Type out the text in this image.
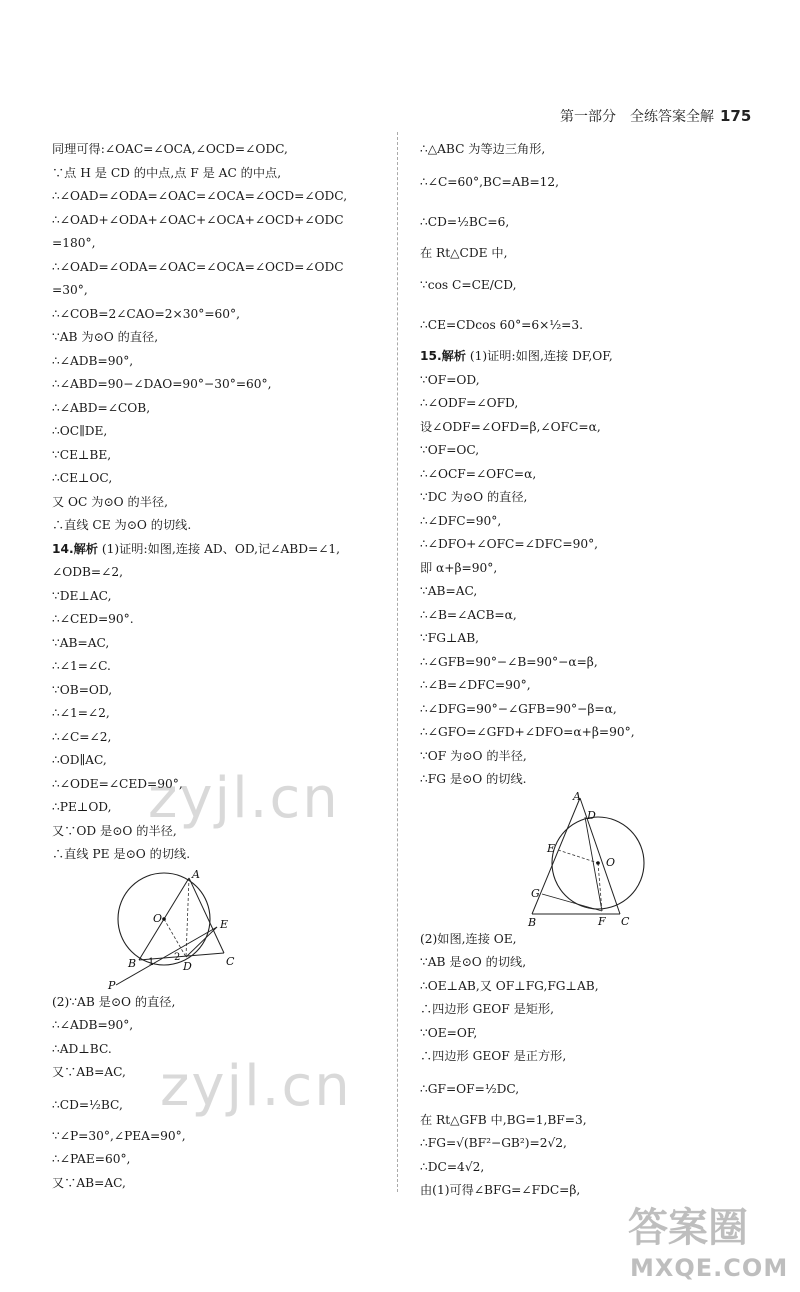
第一部分　全练答案全解 175
同理可得:∠OAC=∠OCA,∠OCD=∠ODC,
∵点 H 是 CD 的中点,点 F 是 AC 的中点,
∴∠OAD=∠ODA=∠OAC=∠OCA=∠OCD=∠ODC,
∴∠OAD+∠ODA+∠OAC+∠OCA+∠OCD+∠ODC
=180°,
∴∠OAD=∠ODA=∠OAC=∠OCA=∠OCD=∠ODC
=30°,
∴∠COB=2∠CAO=2×30°=60°,
∵AB 为⊙O 的直径,
∴∠ADB=90°,
∴∠ABD=90−∠DAO=90°−30°=60°,
∴∠ABD=∠COB,
∴OC∥DE,
∵CE⊥BE,
∴CE⊥OC,
又 OC 为⊙O 的半径,
∴直线 CE 为⊙O 的切线.
14.解析 (1)证明:如图,连接 AD、OD,记∠ABD=∠1,
∠ODB=∠2,
∵DE⊥AC,
∴∠CED=90°.
∵AB=AC,
∴∠1=∠C.
∵OB=OD,
∴∠1=∠2,
∴∠C=∠2,
∴OD∥AC,
∴∠ODE=∠CED=90°,
∴PE⊥OD,
又∵OD 是⊙O 的半径,
∴直线 PE 是⊙O 的切线.
A
O	E
B 1 2
D	C
P
(2)∵AB 是⊙O 的直径,
∴∠ADB=90°,
∴AD⊥BC.
又∵AB=AC,
∴CD=½BC,
∵∠P=30°,∠PEA=90°,
∴∠PAE=60°,
又∵AB=AC,
∴△ABC 为等边三角形,
∴∠C=60°,BC=AB=12,
∴CD=½BC=6,
在 Rt△CDE 中,
∵cos C=CE/CD,
∴CE=CDcos 60°=6×½=3.
15.解析 (1)证明:如图,连接 DF,OF,
∵OF=OD,
∴∠ODF=∠OFD,
设∠ODF=∠OFD=β,∠OFC=α,
∵OF=OC,
∴∠OCF=∠OFC=α,
∵DC 为⊙O 的直径,
∴∠DFC=90°,
∴∠DFO+∠OFC=∠DFC=90°,
即 α+β=90°,
∵AB=AC,
∴∠B=∠ACB=α,
∵FG⊥AB,
∴∠GFB=90°−∠B=90°−α=β,
∴∠B=∠DFC=90°,
∴∠DFG=90°−∠GFB=90°−β=α,
∴∠GFO=∠GFD+∠DFO=α+β=90°,
∵OF 为⊙O 的半径,
∴FG 是⊙O 的切线.
A
D
E
O
G
B	F C
(2)如图,连接 OE,
∵AB 是⊙O 的切线,
∴OE⊥AB,又 OF⊥FG,FG⊥AB,
∴四边形 GEOF 是矩形,
∵OE=OF,
∴四边形 GEOF 是正方形,
∴GF=OF=½DC,
在 Rt△GFB 中,BG=1,BF=3,
∴FG=√(BF²−GB²)=2√2,
∴DC=4√2,
由(1)可得∠BFG=∠FDC=β,
zyjl.cn
zyjl.cn
答案圈
MXQE.COM
